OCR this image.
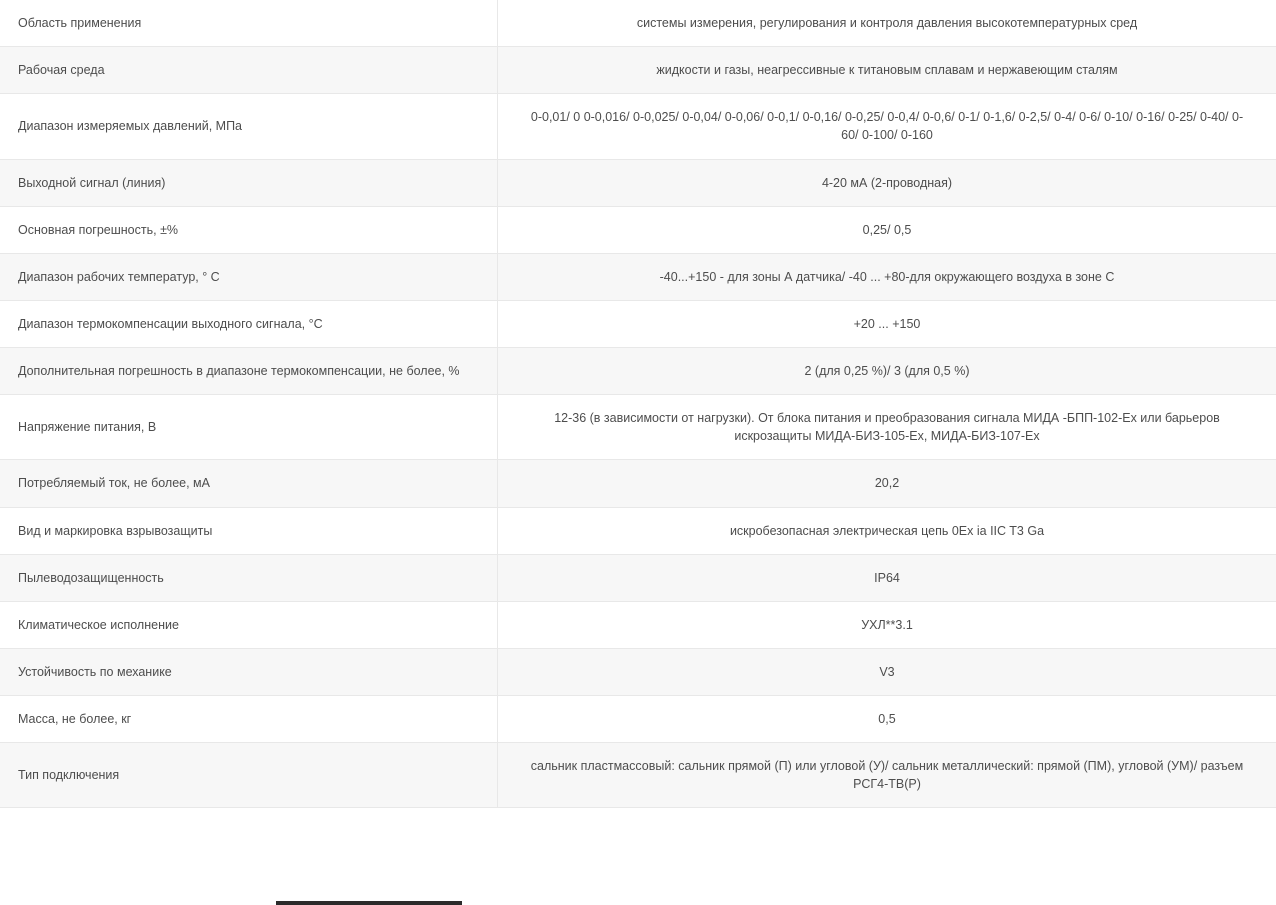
Область применения	системы измерения, регулирования и контроля давления высокотемпературных сред
Рабочая среда	жидкости и газы, неагрессивные к титановым сплавам и нержавеющим сталям
Диапазон измеряемых давлений, МПа	0-0,01/ 0 0-0,016/ 0-0,025/ 0-0,04/ 0-0,06/ 0-0,1/ 0-0,16/ 0-0,25/ 0-0,4/ 0-0,6/ 0-1/ 0-1,6/ 0-2,5/ 0-4/ 0-6/ 0-10/ 0-16/ 0-25/ 0-40/ 0-60/ 0-100/ 0-160
Выходной сигнал (линия)	4-20 мА (2-проводная)
Основная погрешность, ±%	0,25/ 0,5
Диапазон рабочих температур, ° С	-40...+150 - для зоны А датчика/ -40 ... +80-для окружающего воздуха в зоне С
Диапазон термокомпенсации выходного сигнала, °С	+20 ... +150
Дополнительная погрешность в диапазоне термокомпенсации, не более, %	2 (для 0,25 %)/ 3 (для 0,5 %)
Напряжение питания, В	12-36 (в зависимости от нагрузки). От блока питания и преобразования сигнала МИДА -БПП-102-Ех или барьеров искрозащиты МИДА-БИЗ-105-Ех, МИДА-БИЗ-107-Ех
Потребляемый ток, не более, мА	20,2
Вид и маркировка взрывозащиты	искробезопасная электрическая цепь 0Ex ia IIC T3 Ga
Пылеводозащищенность	IP64
Климатическое исполнение	УХЛ**3.1
Устойчивость по механике	V3
Масса, не более, кг	0,5
Тип подключения	сальник пластмассовый: сальник прямой (П) или угловой (У)/ сальник металлический: прямой (ПМ), угловой (УМ)/ разъем РСГ4-ТВ(Р)
